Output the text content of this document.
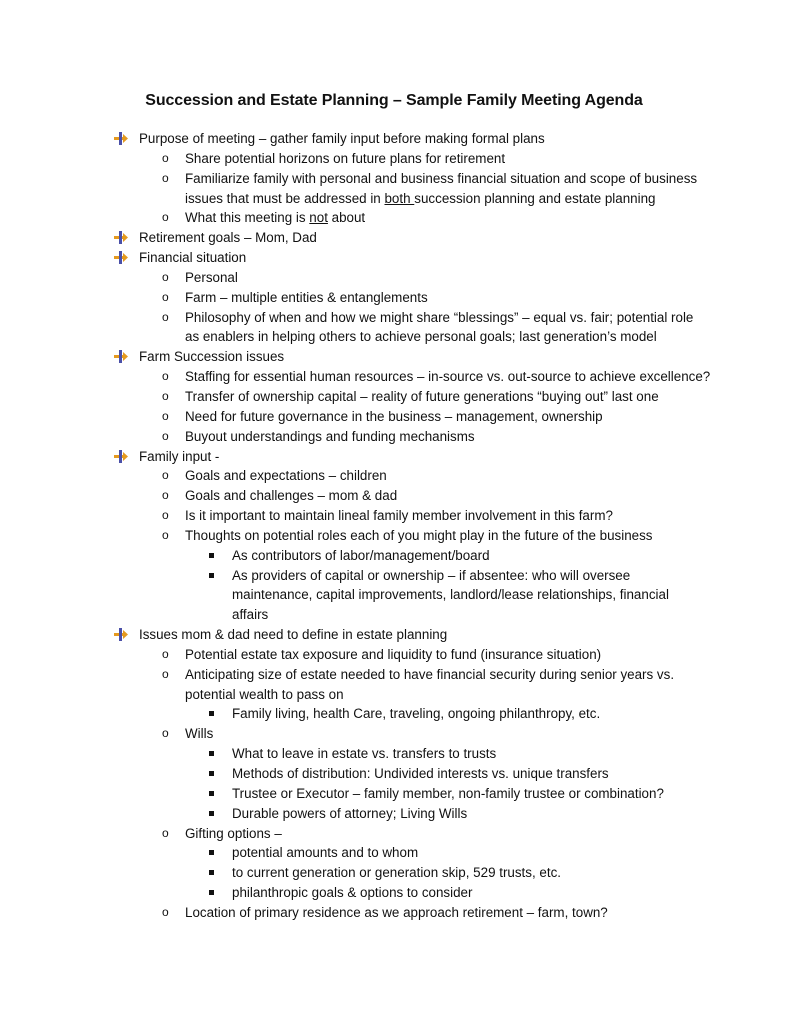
Succession and Estate Planning – Sample Family Meeting Agenda
Purpose of meeting – gather family input before making formal plans
o Share potential horizons on future plans for retirement
o Familiarize family with personal and business financial situation and scope of business
issues that must be addressed in both succession planning and estate planning
o What this meeting is not about
Retirement goals – Mom, Dad
Financial situation
o Personal
o Farm – multiple entities & entanglements
o Philosophy of when and how we might share “blessings” – equal vs. fair; potential role
as enablers in helping others to achieve personal goals; last generation’s model
Farm Succession issues
o Staffing for essential human resources – in-source vs. out-source to achieve excellence?
o Transfer of ownership capital – reality of future generations “buying out” last one
o Need for future governance in the business – management, ownership
o Buyout understandings and funding mechanisms
Family input -
o Goals and expectations – children
o Goals and challenges – mom & dad
o Is it important to maintain lineal family member involvement in this farm?
o Thoughts on potential roles each of you might play in the future of the business
As contributors of labor/management/board
As providers of capital or ownership – if absentee: who will oversee
maintenance, capital improvements, landlord/lease relationships, financial
affairs
Issues mom & dad need to define in estate planning
o Potential estate tax exposure and liquidity to fund (insurance situation)
o Anticipating size of estate needed to have financial security during senior years vs.
potential wealth to pass on
Family living, health Care, traveling, ongoing philanthropy, etc.
o Wills
What to leave in estate vs. transfers to trusts
Methods of distribution: Undivided interests vs. unique transfers
Trustee or Executor – family member, non-family trustee or combination?
Durable powers of attorney; Living Wills
o Gifting options –
potential amounts and to whom
to current generation or generation skip, 529 trusts, etc.
philanthropic goals & options to consider
o Location of primary residence as we approach retirement – farm, town?
